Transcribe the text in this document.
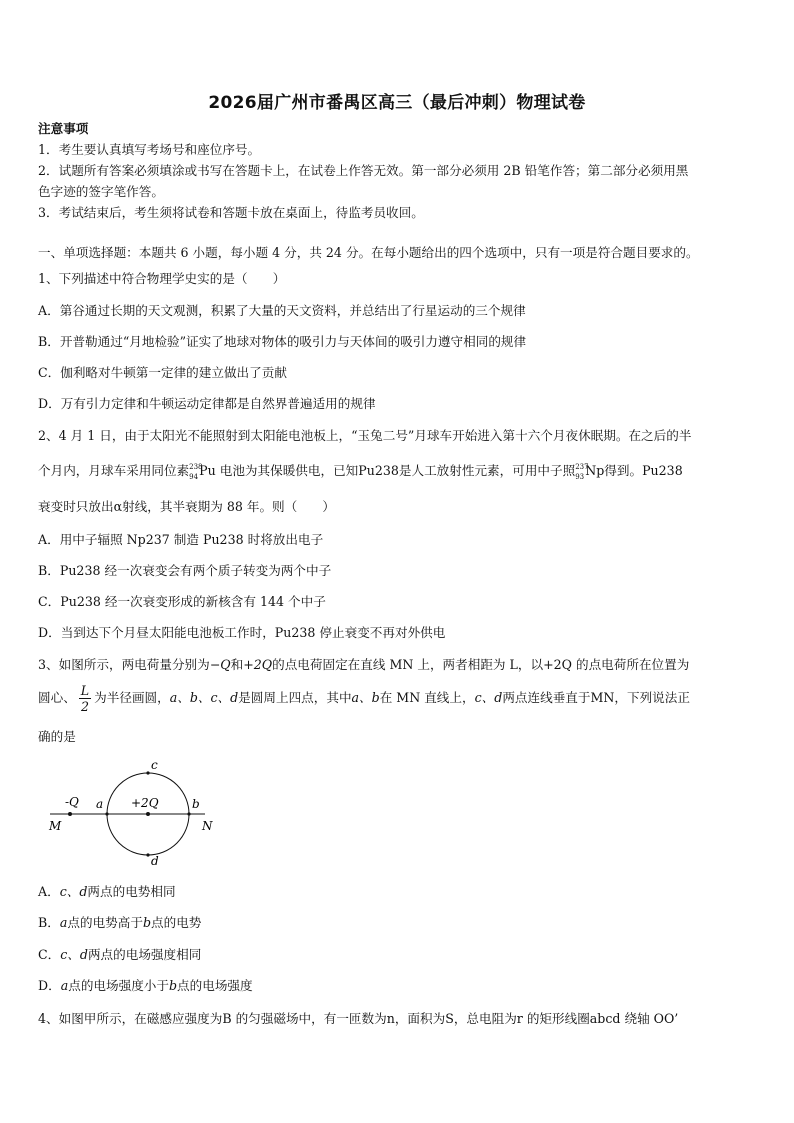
2026届广州市番禺区高三（最后冲刺）物理试卷
注意事项
1．考生要认真填写考场号和座位序号。
2．试题所有答案必须填涂或书写在答题卡上，在试卷上作答无效。第一部分必须用 2B 铅笔作答；第二部分必须用黑
色字迹的签字笔作答。
3．考试结束后，考生须将试卷和答题卡放在桌面上，待监考员收回。
一、单项选择题：本题共 6 小题，每小题 4 分，共 24 分。在每小题给出的四个选项中，只有一项是符合题目要求的。
1、下列描述中符合物理学史实的是（　　）
A．第谷通过长期的天文观测，积累了大量的天文资料，并总结出了行星运动的三个规律
B．开普勒通过“月地检验”证实了地球对物体的吸引力与天体间的吸引力遵守相同的规律
C．伽利略对牛顿第一定律的建立做出了贡献
D．万有引力定律和牛顿运动定律都是自然界普遍适用的规律
2、4 月 1 日，由于太阳光不能照射到太阳能电池板上，“玉兔二号”月球车开始进入第十六个月夜休眠期。在之后的半
个月内，月球车采用同位素 238
94 Pu 电池为其保暖供电，已知Pu238是人工放射性元素，可用中子照 237
93 Np得到。Pu238
衰变时只放出α射线，其半衰期为 88 年。则（　　）
A．用中子辐照 Np237 制造 Pu238 时将放出电子
B．Pu238 经一次衰变会有两个质子转变为两个中子
C．Pu238 经一次衰变形成的新核含有 144 个中子
D．当到达下个月昼太阳能电池板工作时，Pu238 停止衰变不再对外供电
3、如图所示，两电荷量分别为−Q和+2Q的点电荷固定在直线 MN 上，两者相距为 L，以+2Q 的点电荷所在位置为
圆心、 $\frac{L}{2}$ 为半径画圆，a、b、c、d是圆周上四点，其中a、b在 MN 直线上，c、d两点连线垂直于MN，下列说法正
确的是
-Q	+2Q
a	b
c
d
M	N
A．c、d两点的电势相同
B．a点的电势高于b点的电势
C．c、d两点的电场强度相同
D．a点的电场强度小于b点的电场强度
4、如图甲所示，在磁感应强度为B 的匀强磁场中，有一匝数为n，面积为S，总电阻为r 的矩形线圈abcd 绕轴 OO’
